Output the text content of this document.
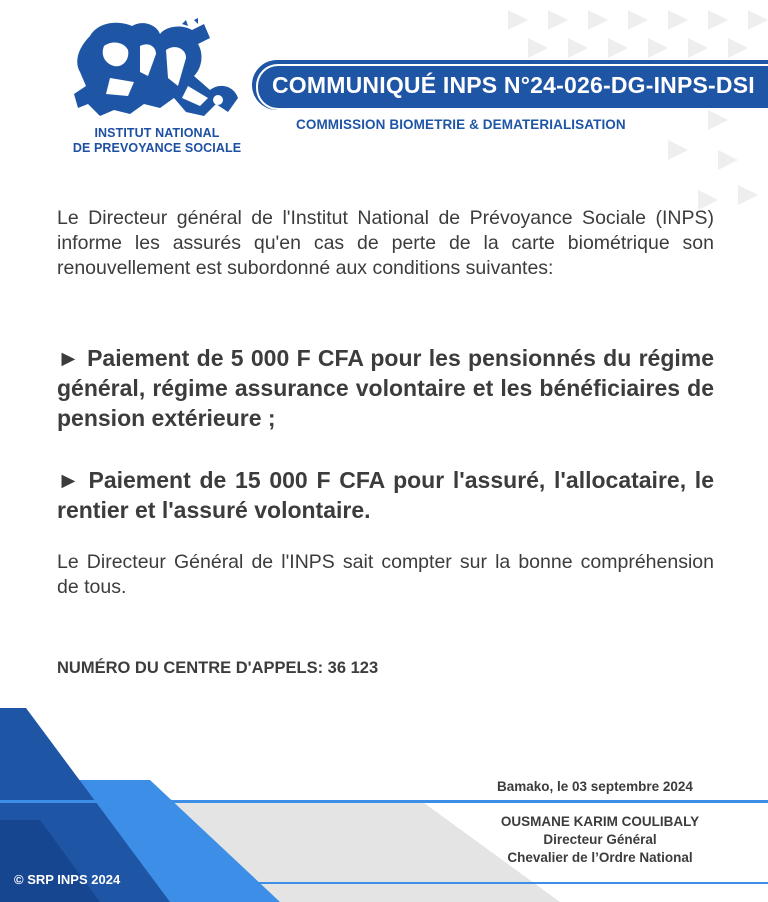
INSTITUT NATIONAL
DE PREVOYANCE SOCIALE
COMMUNIQUÉ INPS N°24-026-DG-INPS-DSI
COMMISSION BIOMETRIE & DEMATERIALISATION
Le Directeur général de l'Institut National de Prévoyance Sociale (INPS) informe les assurés qu'en cas de perte de la carte biométrique son renouvellement est subordonné aux conditions suivantes:
► Paiement de 5 000 F CFA pour les pensionnés du régime général, régime assurance volontaire et les bénéficiaires de pension extérieure ;
► Paiement de 15 000 F CFA pour l'assuré, l'allocataire, le rentier et l'assuré volontaire.
Le Directeur Général de l'INPS sait compter sur la bonne compréhension de tous.
NUMÉRO DU CENTRE D'APPELS: 36 123
© SRP INPS 2024
Bamako, le 03 septembre 2024
OUSMANE KARIM COULIBALY
Directeur Général
Chevalier de l’Ordre National
